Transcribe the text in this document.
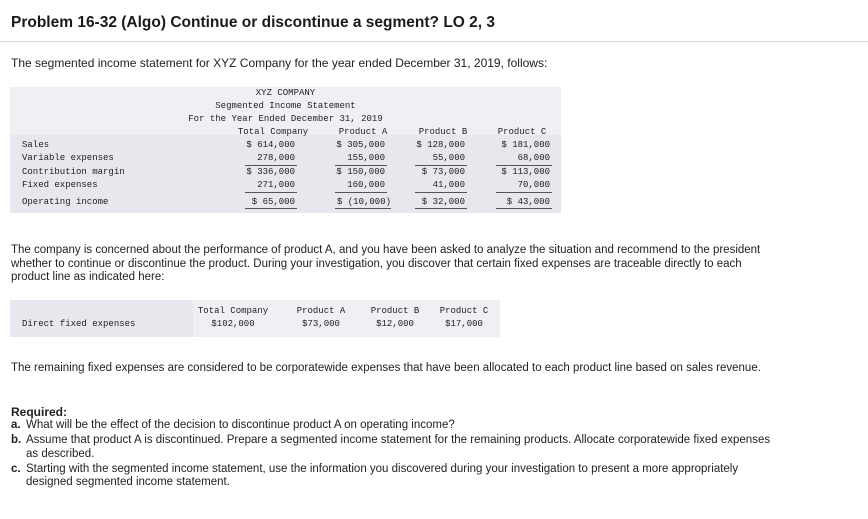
Problem 16-32 (Algo) Continue or discontinue a segment? LO 2, 3

The segmented income statement for XYZ Company for the year ended December 31, 2019, follows:

XYZ COMPANY
Segmented Income Statement
For the Year Ended December 31, 2019
Total Company	Product A	Product B	Product C
Sales	$ 614,000	$ 305,000	$ 128,000	$ 181,000
Variable expenses	278,000	155,000	55,000	68,000
Contribution margin	$ 336,000	$ 150,000	$ 73,000	$ 113,000
Fixed expenses	271,000	160,000	41,000	70,000
Operating income	$ 65,000	$ (10,000)	$ 32,000	$ 43,000

The company is concerned about the performance of product A, and you have been asked to analyze the situation and recommend to the president whether to continue or discontinue the product. During your investigation, you discover that certain fixed expenses are traceable directly to each product line as indicated here:

Total Company	Product A	Product B	Product C
Direct fixed expenses	$102,000	$73,000	$12,000	$17,000

The remaining fixed expenses are considered to be corporatewide expenses that have been allocated to each product line based on sales revenue.

Required:

a. What will be the effect of the decision to discontinue product A on operating income?
b. Assume that product A is discontinued. Prepare a segmented income statement for the remaining products. Allocate corporatewide fixed expenses as described.
c. Starting with the segmented income statement, use the information you discovered during your investigation to present a more appropriately designed segmented income statement.
